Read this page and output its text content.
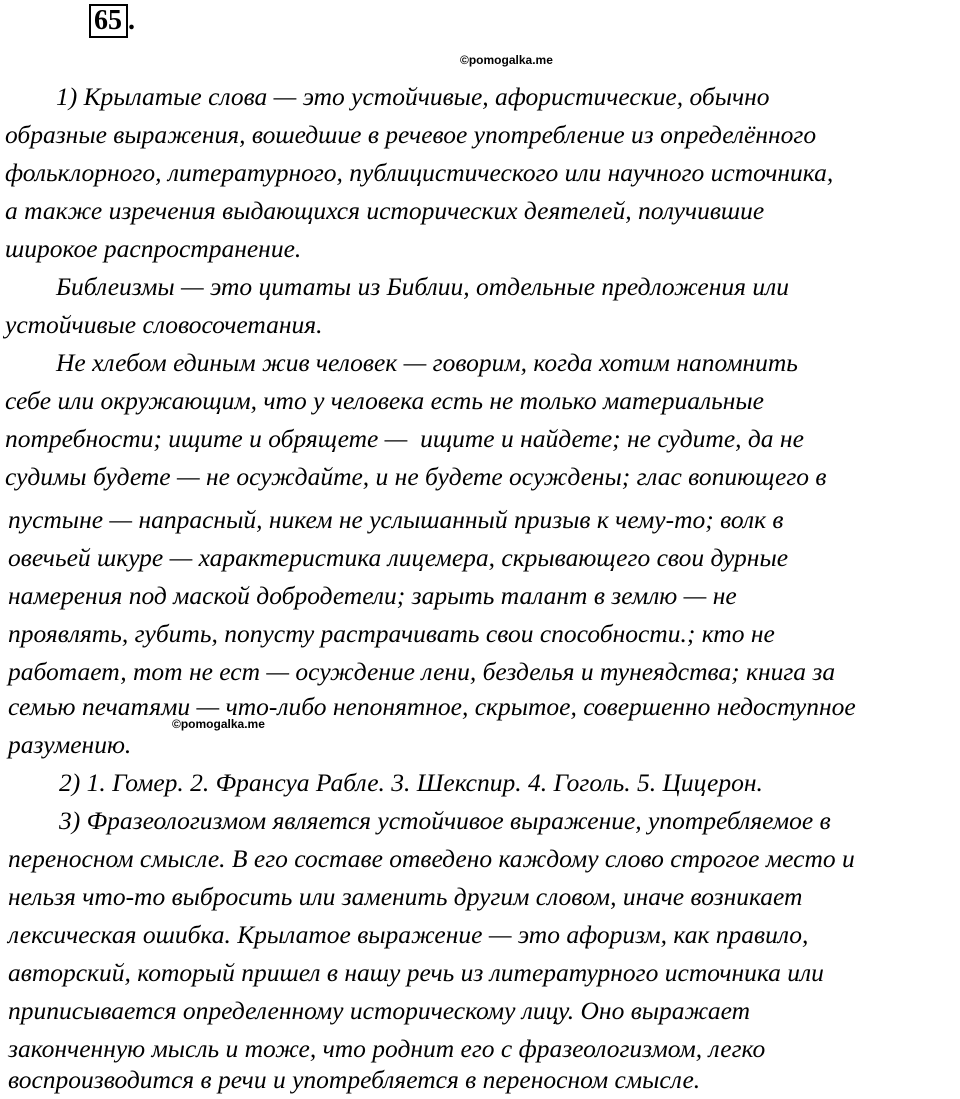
65 .
©pomogalka.me
1) Крылатые слова — это устойчивые, афористические, обычно
образные выражения, вошедшие в речевое употребление из определённого
фольклорного, литературного, публицистического или научного источника,
а также изречения выдающихся исторических деятелей, получившие
широкое распространение.
Библеизмы — это цитаты из Библии, отдельные предложения или
устойчивые словосочетания.
Не хлебом единым жив человек — говорим, когда хотим напомнить
себе или окружающим, что у человека есть не только материальные
потребности; ищите и обрящете —  ищите и найдете; не судите, да не
судимы будете — не осуждайте, и не будете осуждены; глас вопиющего в
пустыне — напрасный, никем не услышанный призыв к чему-то; волк в
овечьей шкуре — характеристика лицемера, скрывающего свои дурные
намерения под маской добродетели; зарыть талант в землю — не
проявлять, губить, попусту растрачивать свои способности.; кто не
работает, тот не ест — осуждение лени, безделья и тунеядства; книга за
семью печатями — что-либо непонятное, скрытое, совершенно недоступное
©pomogalka.me
разумению.
2) 1. Гомер. 2. Франсуа Рабле. 3. Шекспир. 4. Гоголь. 5. Цицерон.
3) Фразеологизмом является устойчивое выражение, употребляемое в
переносном смысле. В его составе отведено каждому слово строгое место и
нельзя что-то выбросить или заменить другим словом, иначе возникает
лексическая ошибка. Крылатое выражение — это афоризм, как правило,
авторский, который пришел в нашу речь из литературного источника или
приписывается определенному историческому лицу. Оно выражает
законченную мысль и тоже, что роднит его с фразеологизмом, легко
воспроизводится в речи и употребляется в переносном смысле.
